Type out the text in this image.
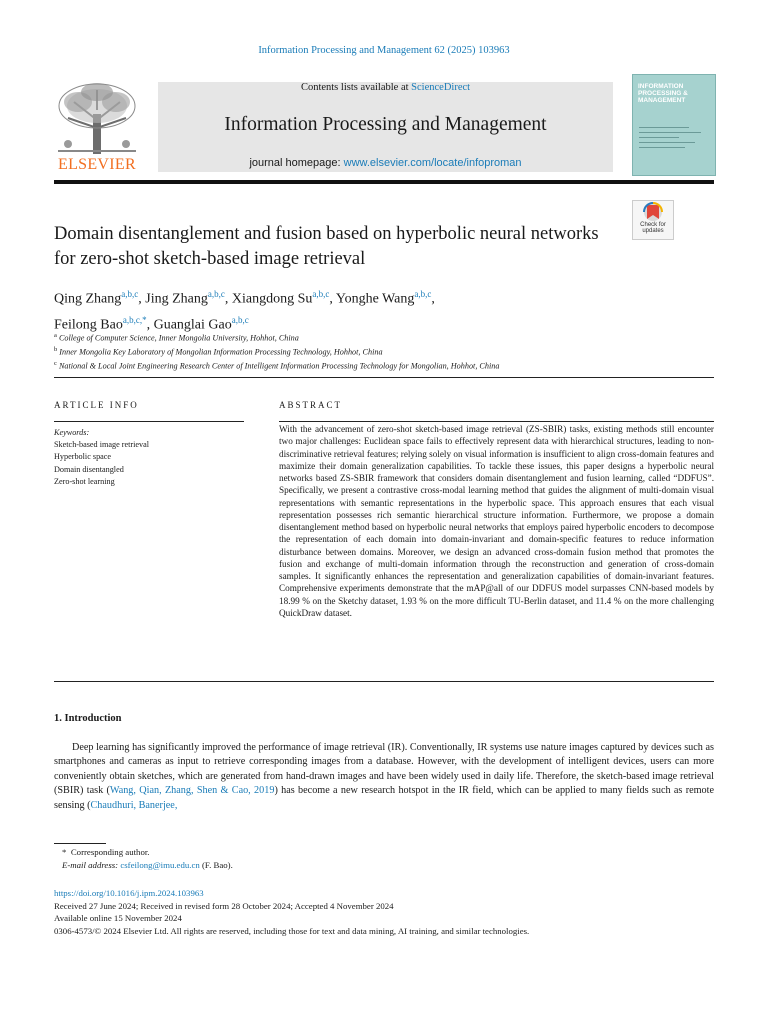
Information Processing and Management 62 (2025) 103963
ELSEVIER
Contents lists available at ScienceDirect
Information Processing and Management
journal homepage: www.elsevier.com/locate/infoproman
INFORMATION PROCESSING & MANAGEMENT
Check for updates
Domain disentanglement and fusion based on hyperbolic neural networks for zero-shot sketch-based image retrieval
Qing Zhang$^{a,b,c}$, Jing Zhang$^{a,b,c}$, Xiangdong Su$^{a,b,c}$, Yonghe Wang$^{a,b,c}$,
Feilong Bao$^{a,b,c,*}$, Guanglai Gao$^{a,b,c}$
$^a$ College of Computer Science, Inner Mongolia University, Hohhot, China
$^b$ Inner Mongolia Key Laboratory of Mongolian Information Processing Technology, Hohhot, China
$^c$ National & Local Joint Engineering Research Center of Intelligent Information Processing Technology for Mongolian, Hohhot, China
ARTICLE INFO
Keywords:
Sketch-based image retrieval
Hyperbolic space
Domain disentangled
Zero-shot learning
ABSTRACT
With the advancement of zero-shot sketch-based image retrieval (ZS-SBIR) tasks, existing methods still encounter two major challenges: Euclidean space fails to effectively represent data with hierarchical structures, leading to non-discriminative retrieval features; relying solely on visual information is insufficient to align cross-domain features and maximize their domain generalization capabilities. To tackle these issues, this paper designs a hyperbolic neural networks based ZS-SBIR framework that considers domain disentanglement and fusion learning, called “DDFUS”. Specifically, we present a contrastive cross-modal learning method that guides the alignment of multi-domain visual representations with semantic representations in the hyperbolic space. This approach ensures that each visual representation possesses rich semantic hierarchical structure information. Furthermore, we propose a domain disentanglement method based on hyperbolic neural networks that employs paired hyperbolic encoders to decompose the representation of each domain into domain-invariant and domain-specific features to reduce information disturbance between domains. Moreover, we design an advanced cross-domain fusion method that promotes the fusion and exchange of multi-domain information through the reconstruction and generation of cross-domain samples. It significantly enhances the representation and generalization capabilities of domain-invariant features. Comprehensive experiments demonstrate that the mAP@all of our DDFUS model surpasses CNN-based models by 18.99 % on the Sketchy dataset, 1.93 % on the more difficult TU-Berlin dataset, and 11.4 % on the more challenging QuickDraw dataset.
1. Introduction
Deep learning has significantly improved the performance of image retrieval (IR). Conventionally, IR systems use nature images captured by devices such as smartphones and cameras as input to retrieve corresponding images from a database. However, with the development of intelligent devices, users can more conveniently obtain sketches, which are generated from hand-drawn images and have been widely used in daily life. Therefore, the sketch-based image retrieval (SBIR) task (Wang, Qian, Zhang, Shen & Cao, 2019) has become a new research hotspot in the IR field, which can be applied to many fields such as remote sensing (Chaudhuri, Banerjee,
* Corresponding author.
E-mail address: csfeilong@imu.edu.cn (F. Bao).
https://doi.org/10.1016/j.ipm.2024.103963
Received 27 June 2024; Received in revised form 28 October 2024; Accepted 4 November 2024
Available online 15 November 2024
0306-4573/© 2024 Elsevier Ltd. All rights are reserved, including those for text and data mining, AI training, and similar technologies.
